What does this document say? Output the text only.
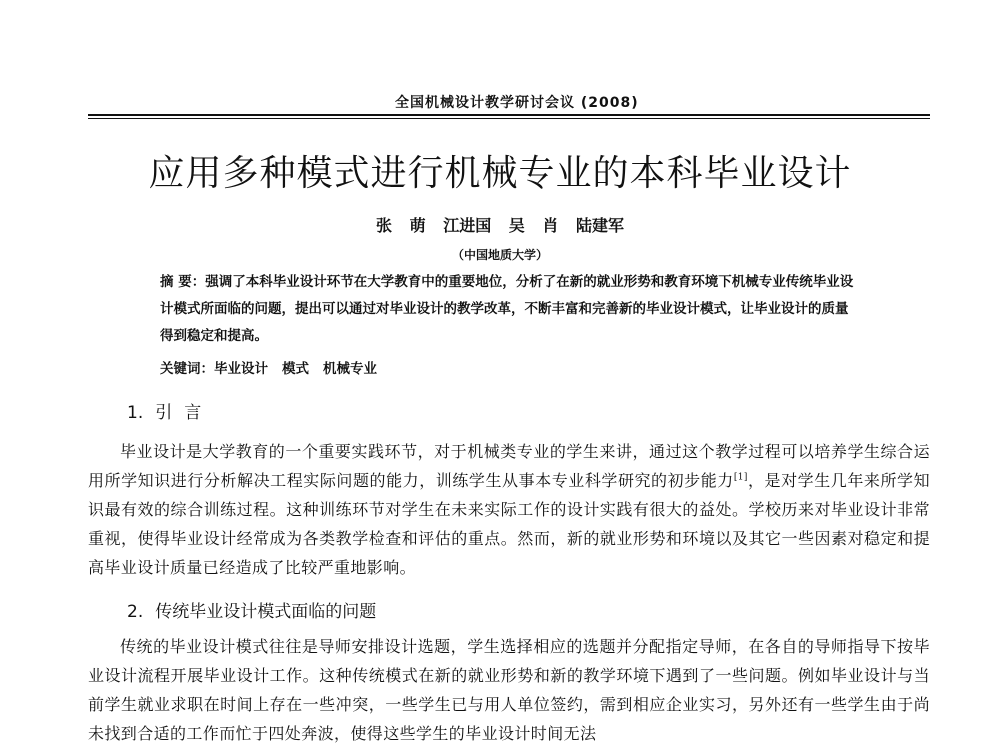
全国机械设计教学研讨会议 (2008)
应用多种模式进行机械专业的本科毕业设计
张 萌 江进国 吴 肖 陆建军
（中国地质大学）
摘 要：强调了本科毕业设计环节在大学教育中的重要地位，分析了在新的就业形势和教育环境下机械专业传统毕业设计模式所面临的问题，提出可以通过对毕业设计的教学改革，不断丰富和完善新的毕业设计模式，让毕业设计的质量得到稳定和提高。
关键词：毕业设计 模式 机械专业
1. 引言

毕业设计是大学教育的一个重要实践环节，对于机械类专业的学生来讲，通过这个教学过程可以培养学生综合运用所学知识进行分析解决工程实际问题的能力，训练学生从事本专业科学研究的初步能力[1]，是对学生几年来所学知识最有效的综合训练过程。这种训练环节对学生在未来实际工作的设计实践有很大的益处。学校历来对毕业设计非常重视，使得毕业设计经常成为各类教学检查和评估的重点。然而，新的就业形势和环境以及其它一些因素对稳定和提高毕业设计质量已经造成了比较严重地影响。

2. 传统毕业设计模式面临的问题

传统的毕业设计模式往往是导师安排设计选题，学生选择相应的选题并分配指定导师，在各自的导师指导下按毕业设计流程开展毕业设计工作。这种传统模式在新的就业形势和新的教学环境下遇到了一些问题。例如毕业设计与当前学生就业求职在时间上存在一些冲突，一些学生已与用人单位签约，需到相应企业实习，另外还有一些学生由于尚未找到合适的工作而忙于四处奔波，使得这些学生的毕业设计时间无法
